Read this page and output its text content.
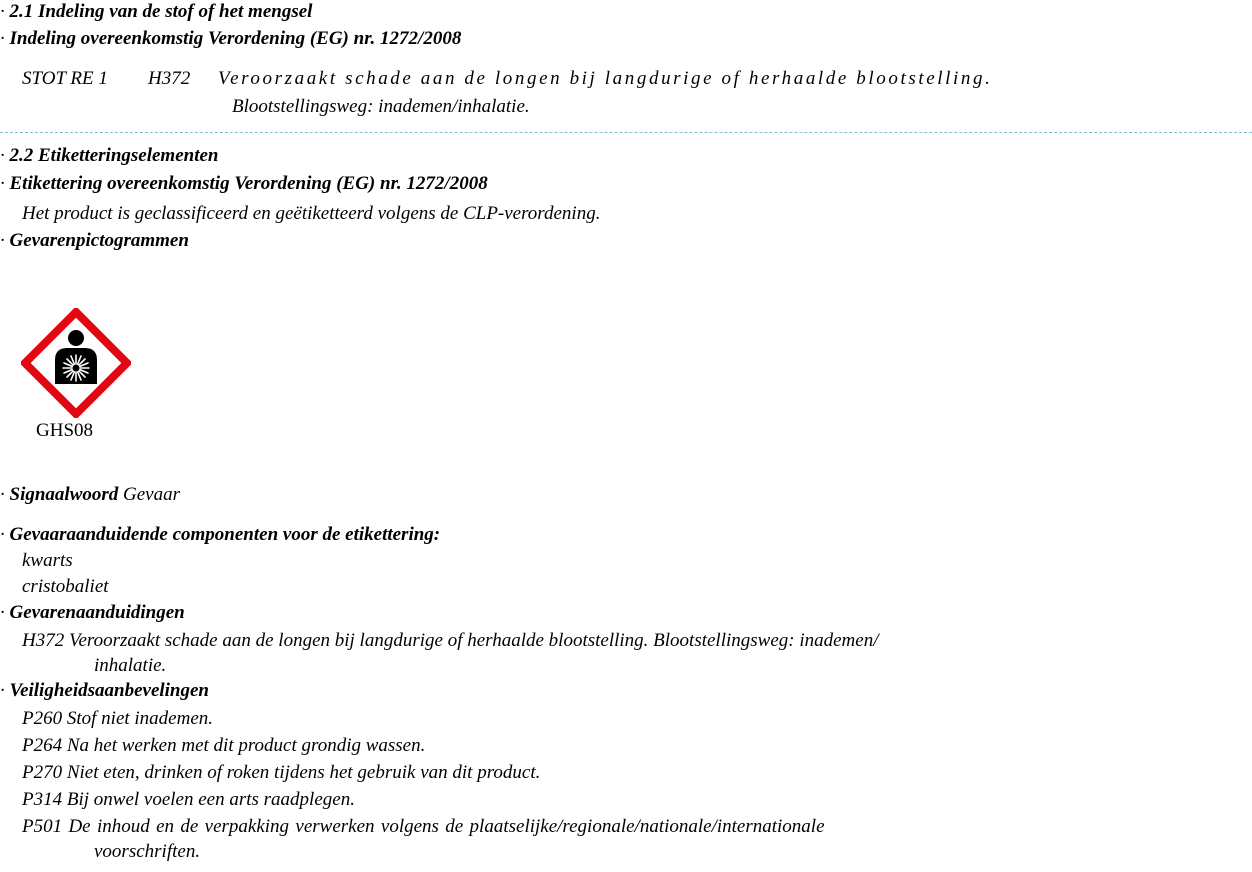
· 2.1 Indeling van de stof of het mengsel
· Indeling overeenkomstig Verordening (EG) nr. 1272/2008
STOT RE 1 H372 Veroorzaakt schade aan de longen bij langdurige of herhaalde blootstelling.
Blootstellingsweg: inademen/inhalatie.
· 2.2 Etiketteringselementen
· Etikettering overeenkomstig Verordening (EG) nr. 1272/2008
Het product is geclassificeerd en geëtiketteerd volgens de CLP-verordening.
· Gevarenpictogrammen
GHS08
· Signaalwoord Gevaar
· Gevaaraanduidende componenten voor de etikettering:
kwarts
cristobaliet
· Gevarenaanduidingen
H372 Veroorzaakt schade aan de longen bij langdurige of herhaalde blootstelling. Blootstellingsweg: inademen/
inhalatie.
· Veiligheidsaanbevelingen
P260 Stof niet inademen.
P264 Na het werken met dit product grondig wassen.
P270 Niet eten, drinken of roken tijdens het gebruik van dit product.
P314 Bij onwel voelen een arts raadplegen.
P501 De inhoud en de verpakking verwerken volgens de plaatselijke/regionale/nationale/internationale
voorschriften.
